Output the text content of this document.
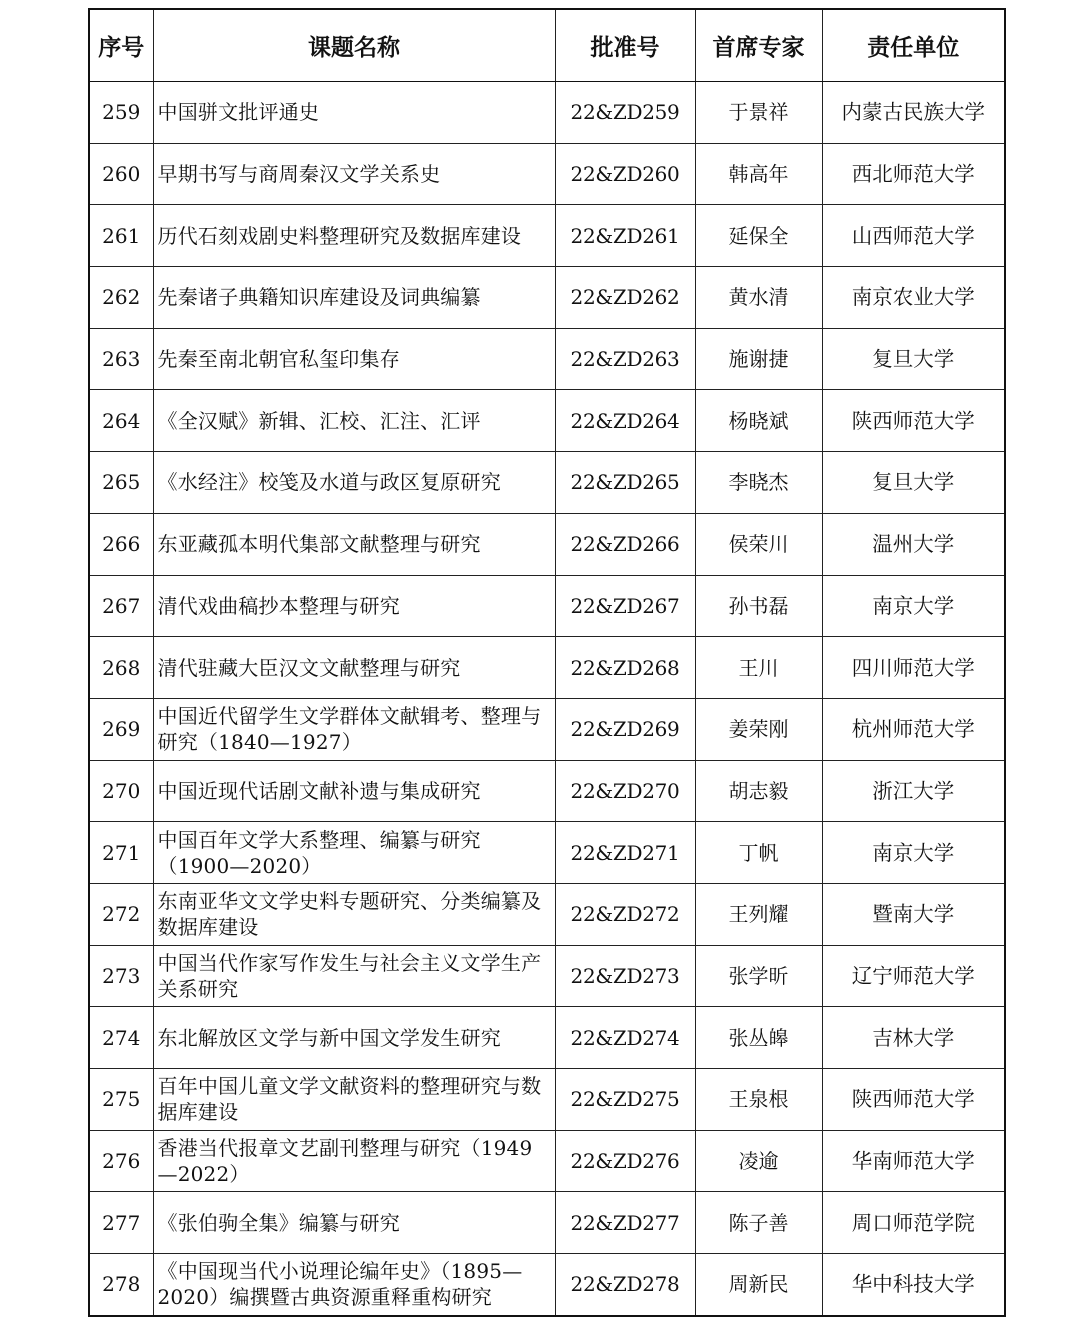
序号	课题名称	批准号	首席专家	责任单位
259	中国骈文批评通史	22&ZD259	于景祥	内蒙古民族大学
260	早期书写与商周秦汉文学关系史	22&ZD260	韩高年	西北师范大学
261	历代石刻戏剧史料整理研究及数据库建设	22&ZD261	延保全	山西师范大学
262	先秦诸子典籍知识库建设及词典编纂	22&ZD262	黄水清	南京农业大学
263	先秦至南北朝官私玺印集存	22&ZD263	施谢捷	复旦大学
264	《全汉赋》新辑、汇校、汇注、汇评	22&ZD264	杨晓斌	陕西师范大学
265	《水经注》校笺及水道与政区复原研究	22&ZD265	李晓杰	复旦大学
266	东亚藏孤本明代集部文献整理与研究	22&ZD266	侯荣川	温州大学
267	清代戏曲稿抄本整理与研究	22&ZD267	孙书磊	南京大学
268	清代驻藏大臣汉文文献整理与研究	22&ZD268	王川	四川师范大学
269	中国近代留学生文学群体文献辑考、整理与研究（1840—1927）	22&ZD269	姜荣刚	杭州师范大学
270	中国近现代话剧文献补遗与集成研究	22&ZD270	胡志毅	浙江大学
271	中国百年文学大系整理、编纂与研究（1900—2020）	22&ZD271	丁帆	南京大学
272	东南亚华文文学史料专题研究、分类编纂及数据库建设	22&ZD272	王列耀	暨南大学
273	中国当代作家写作发生与社会主义文学生产关系研究	22&ZD273	张学昕	辽宁师范大学
274	东北解放区文学与新中国文学发生研究	22&ZD274	张丛皞	吉林大学
275	百年中国儿童文学文献资料的整理研究与数据库建设	22&ZD275	王泉根	陕西师范大学
276	香港当代报章文艺副刊整理与研究（1949—2022）	22&ZD276	凌逾	华南师范大学
277	《张伯驹全集》编纂与研究	22&ZD277	陈子善	周口师范学院
278	《中国现当代小说理论编年史》（1895—2020）编撰暨古典资源重释重构研究	22&ZD278	周新民	华中科技大学
